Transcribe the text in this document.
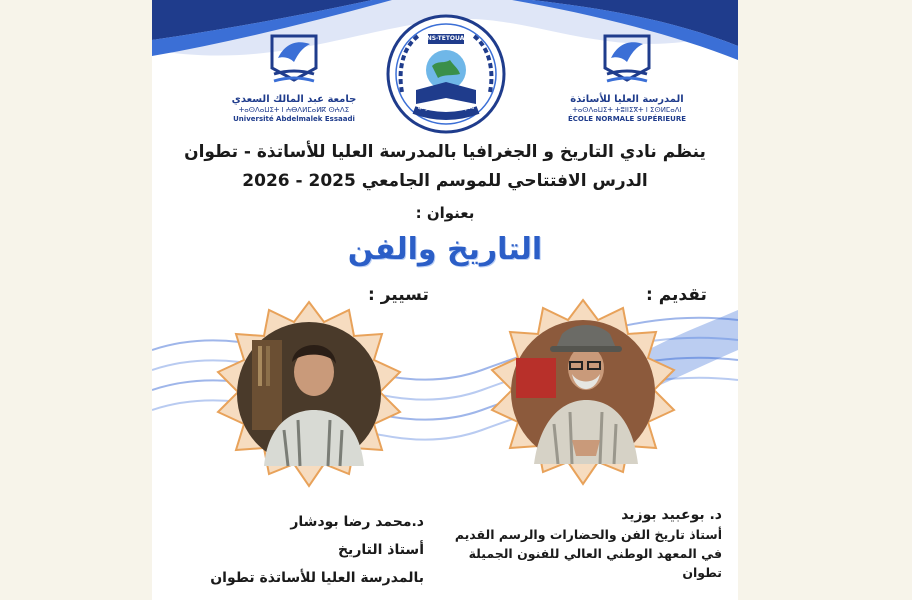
جامعة عبد المالك السعدي
ⵜⴰⵙⴷⴰⵡⵉⵜ ⵏ ⵄⴱⴷⵍⵎⴰⵍⴽ ⵙⵄⴷⵉ
Université Abdelmalek Essaadi
ENS-TETOUAN
نادي التاريخ و الجغرافيا
المدرسة العليا للأساتذة
ⵜⴰⵙⴷⴰⵡⵉⵜ ⵜⵓⵏⵏⵉⴳⵜ ⵏ ⵉⵙⵍⵎⴰⴷⵏ
ÉCOLE NORMALE SUPÉRIEURE
ينظم نادي التاريخ و الجغرافيا بالمدرسة العليا للأساتذة - تطوان
الدرس الافتتاحي للموسم الجامعي 2025 - 2026
بعنوان :
التاريخ والفن
تقديم :
تسيير :
د.محمد رضا بودشار
أستاذ التاريخ
بالمدرسة العليا للأساتذة تطوان
د. بوعبيد بوزيد
أستاذ تاريخ الفن والحضارات والرسم القديم
في المعهد الوطني العالي للفنون الجميلة
تطوان
